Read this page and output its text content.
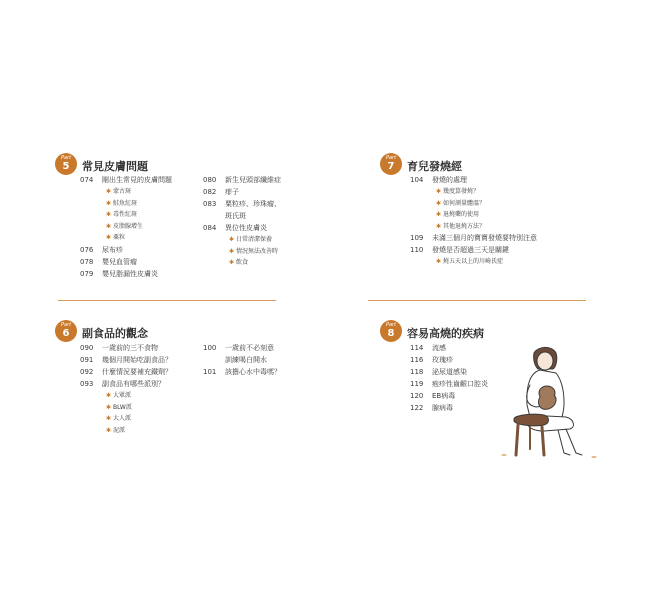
Part
5	常見皮膚問題
074 剛出生常見的皮膚問題
✱ 蒙古斑
✱ 鮭魚紅斑
✱ 毒性紅斑
✱ 皮脂腺增生
✱ 粟粒
076 尿布疹
078 嬰兒血管瘤
079 嬰兒脂漏性皮膚炎
080 新生兒頭部纖維症
082 痱子
083 粟粒疹、珍珠瘤、
斑氏斑
084 異位性皮膚炎
✱ 日常清潔保養
✱ 情況無法改善時
✱ 飲食
Part
7	育兒發燒經
104 發燒的處理
✱ 幾度算發燒？
✱ 如何測量體溫？
✱ 退燒藥的使用
✱ 其他退燒方法？
109 未滿三個月的寶寶發燒要特別注意
110 發燒是否超過三天是關鍵
✱ 燒五天以上的川崎氏症
Part
6	副食品的觀念
090 一歲前的三不食物
091 幾個月開始吃副食品？
092 什麼情況要補充鐵劑？
093 副食品有哪些派別？
✱ 大眾派
✱ BLW派
✱ 大人派
✱ 泥派
100 一歲前不必刻意
訓練喝白開水
101 該擔心水中毒嗎？
Part
8	容易高燒的疾病
114 流感
116 玫瑰疹
118 泌尿道感染
119 疱疹性齒齦口腔炎
120 EB病毒
122 腺病毒
